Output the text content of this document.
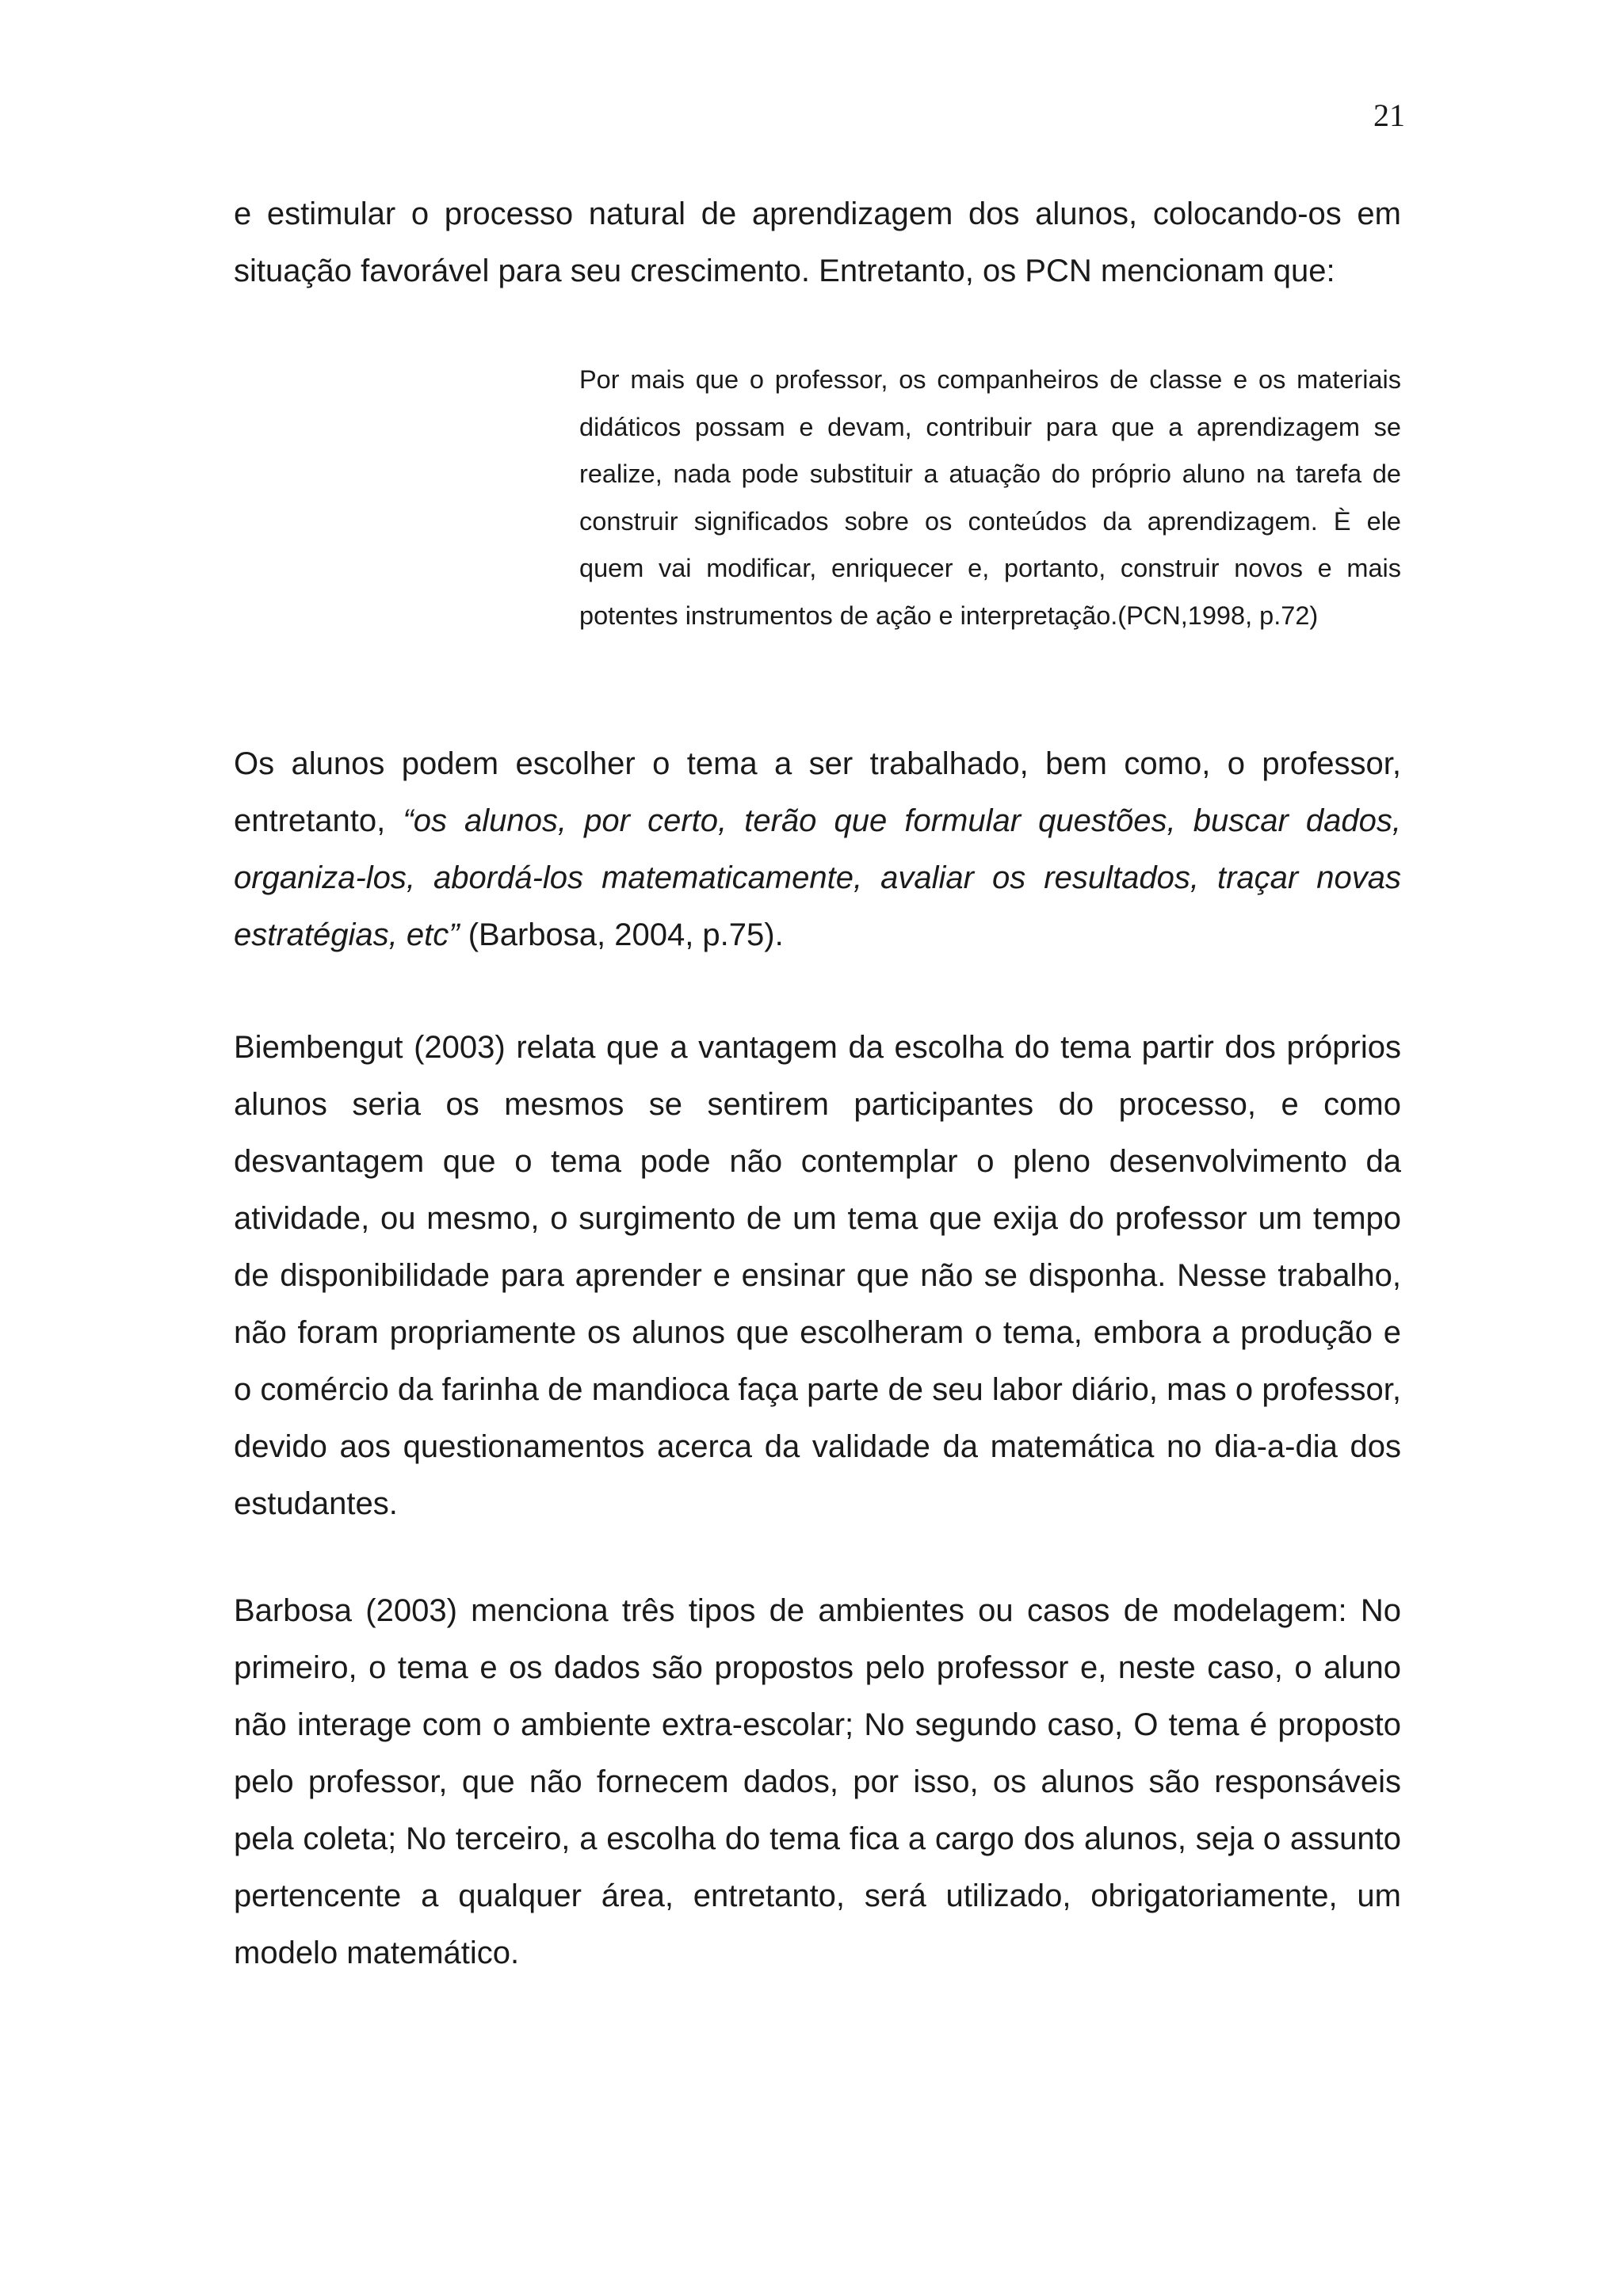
21

e estimular o processo natural de aprendizagem dos alunos, colocando-os em situação favorável para seu crescimento. Entretanto, os PCN mencionam que:

Por mais que o professor, os companheiros de classe e os materiais didáticos possam e devam, contribuir para que a aprendizagem se realize, nada pode substituir a atuação do próprio aluno na tarefa de construir significados sobre os conteúdos da aprendizagem. È ele quem vai modificar, enriquecer e, portanto, construir novos e mais potentes instrumentos de ação e interpretação.(PCN,1998, p.72)

Os alunos podem escolher o tema a ser trabalhado, bem como, o professor, entretanto, “os alunos, por certo, terão que formular questões, buscar dados, organiza-los, abordá-los matematicamente, avaliar os resultados, traçar novas estratégias, etc” (Barbosa, 2004, p.75).

Biembengut (2003) relata que a vantagem da escolha do tema partir dos próprios alunos seria os mesmos se sentirem participantes do processo, e como desvantagem que o tema pode não contemplar o pleno desenvolvimento da atividade, ou mesmo, o surgimento de um tema que exija do professor um tempo de disponibilidade para aprender e ensinar que não se disponha. Nesse trabalho, não foram propriamente os alunos que escolheram o tema, embora a produção e o comércio da farinha de mandioca faça parte de seu labor diário, mas o professor, devido aos questionamentos acerca da validade da matemática no dia-a-dia dos estudantes.

Barbosa (2003) menciona três tipos de ambientes ou casos de modelagem: No primeiro, o tema e os dados são propostos pelo professor e, neste caso, o aluno não interage com o ambiente extra-escolar; No segundo caso, O tema é proposto pelo professor, que não fornecem dados, por isso, os alunos são responsáveis pela coleta; No terceiro, a escolha do tema fica a cargo dos alunos, seja o assunto pertencente a qualquer área, entretanto, será utilizado, obrigatoriamente, um modelo matemático.
